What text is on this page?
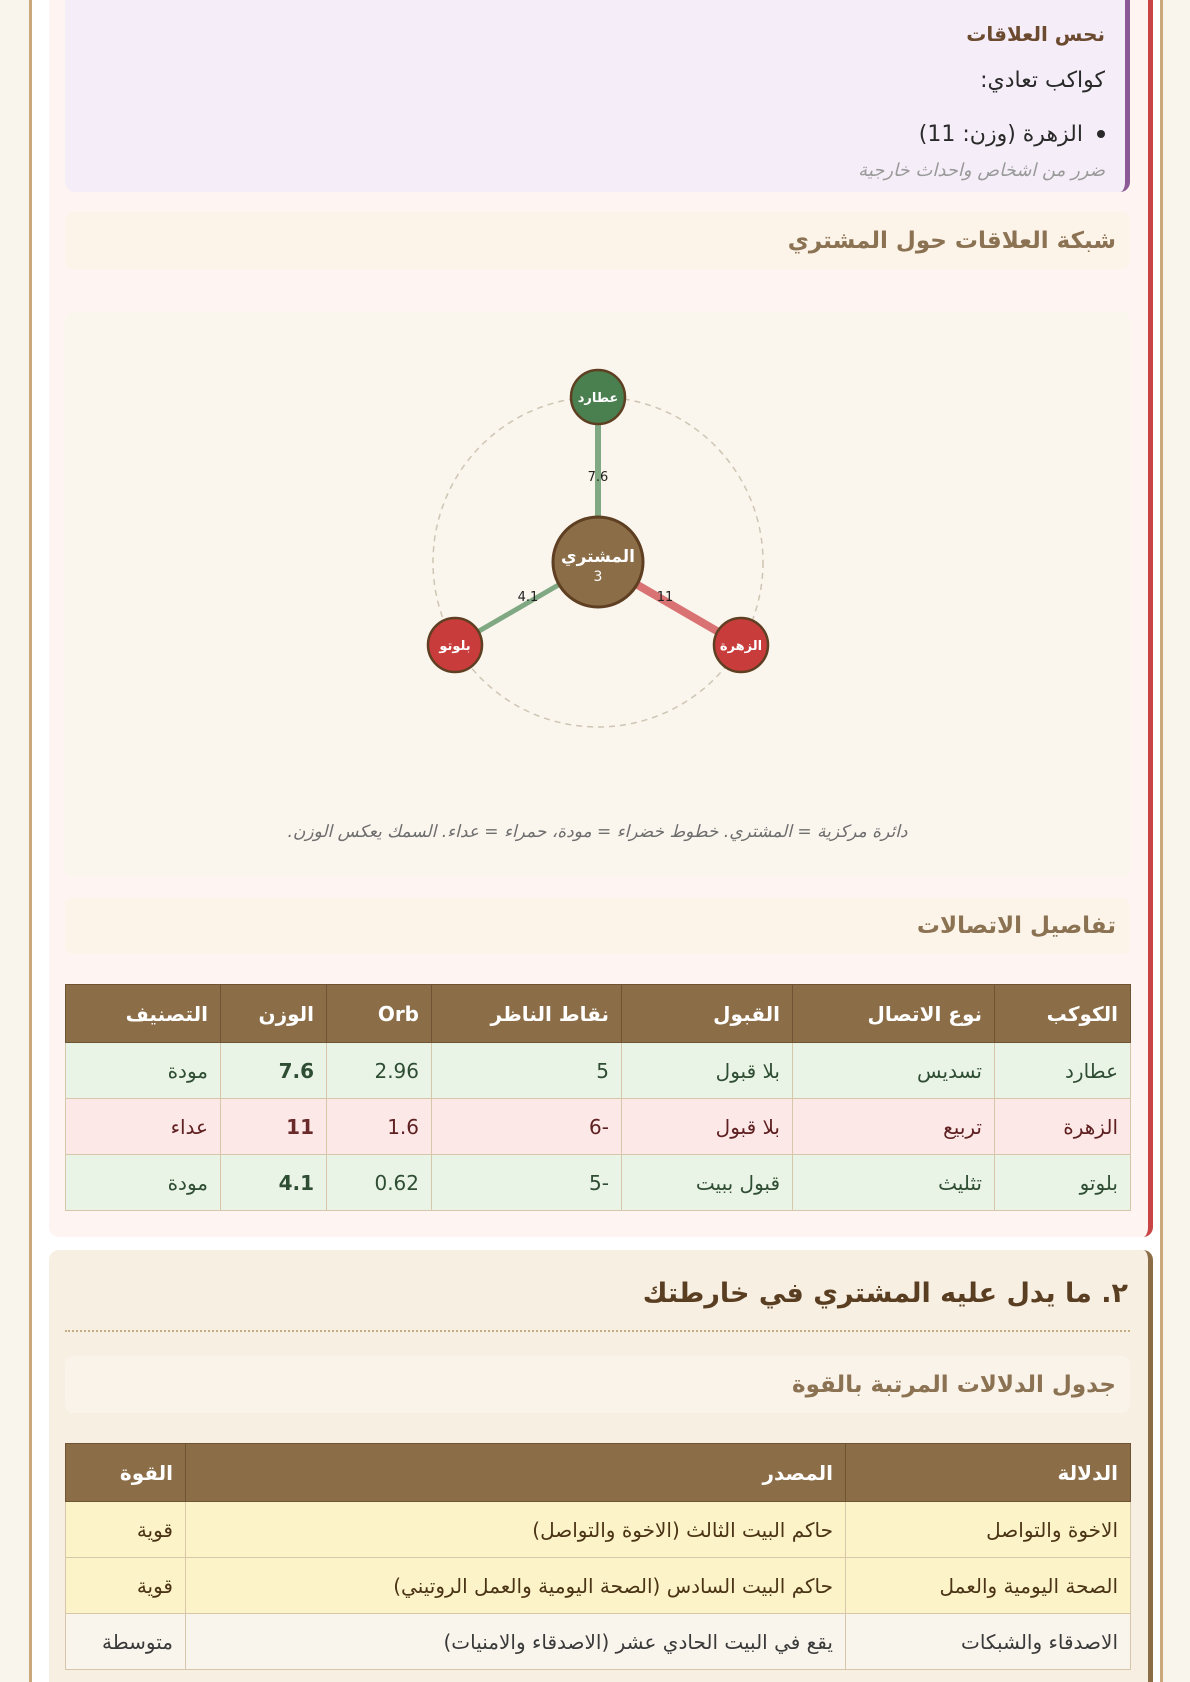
نحس العلاقات
كواكب تعادي:
الزهرة (وزن: 11)
ضرر من اشخاص واحداث خارجية
شبكة العلاقات حول المشتري
7.6
11
4.1
المشتري
3
عطارد
الزهرة
بلوتو
دائرة مركزية = المشتري. خطوط خضراء = مودة، حمراء = عداء. السمك يعكس الوزن.
تفاصيل الاتصالات
الكوكب	نوع الاتصال	القبول	نقاط الناظر	Orb	الوزن	التصنيف
عطارد	تسديس	بلا قبول	5	2.96	7.6	مودة
الزهرة	تربيع	بلا قبول	-6	1.6	11	عداء
بلوتو	تثليث	قبول ببيت	-5	0.62	4.1	مودة
٢. ما يدل عليه المشتري في خارطتك
جدول الدلالات المرتبة بالقوة
الدلالة	المصدر	القوة
الاخوة والتواصل	حاكم البيت الثالث (الاخوة والتواصل)	قوية
الصحة اليومية والعمل	حاكم البيت السادس (الصحة اليومية والعمل الروتيني)	قوية
الاصدقاء والشبكات	يقع في البيت الحادي عشر (الاصدقاء والامنيات)	متوسطة
